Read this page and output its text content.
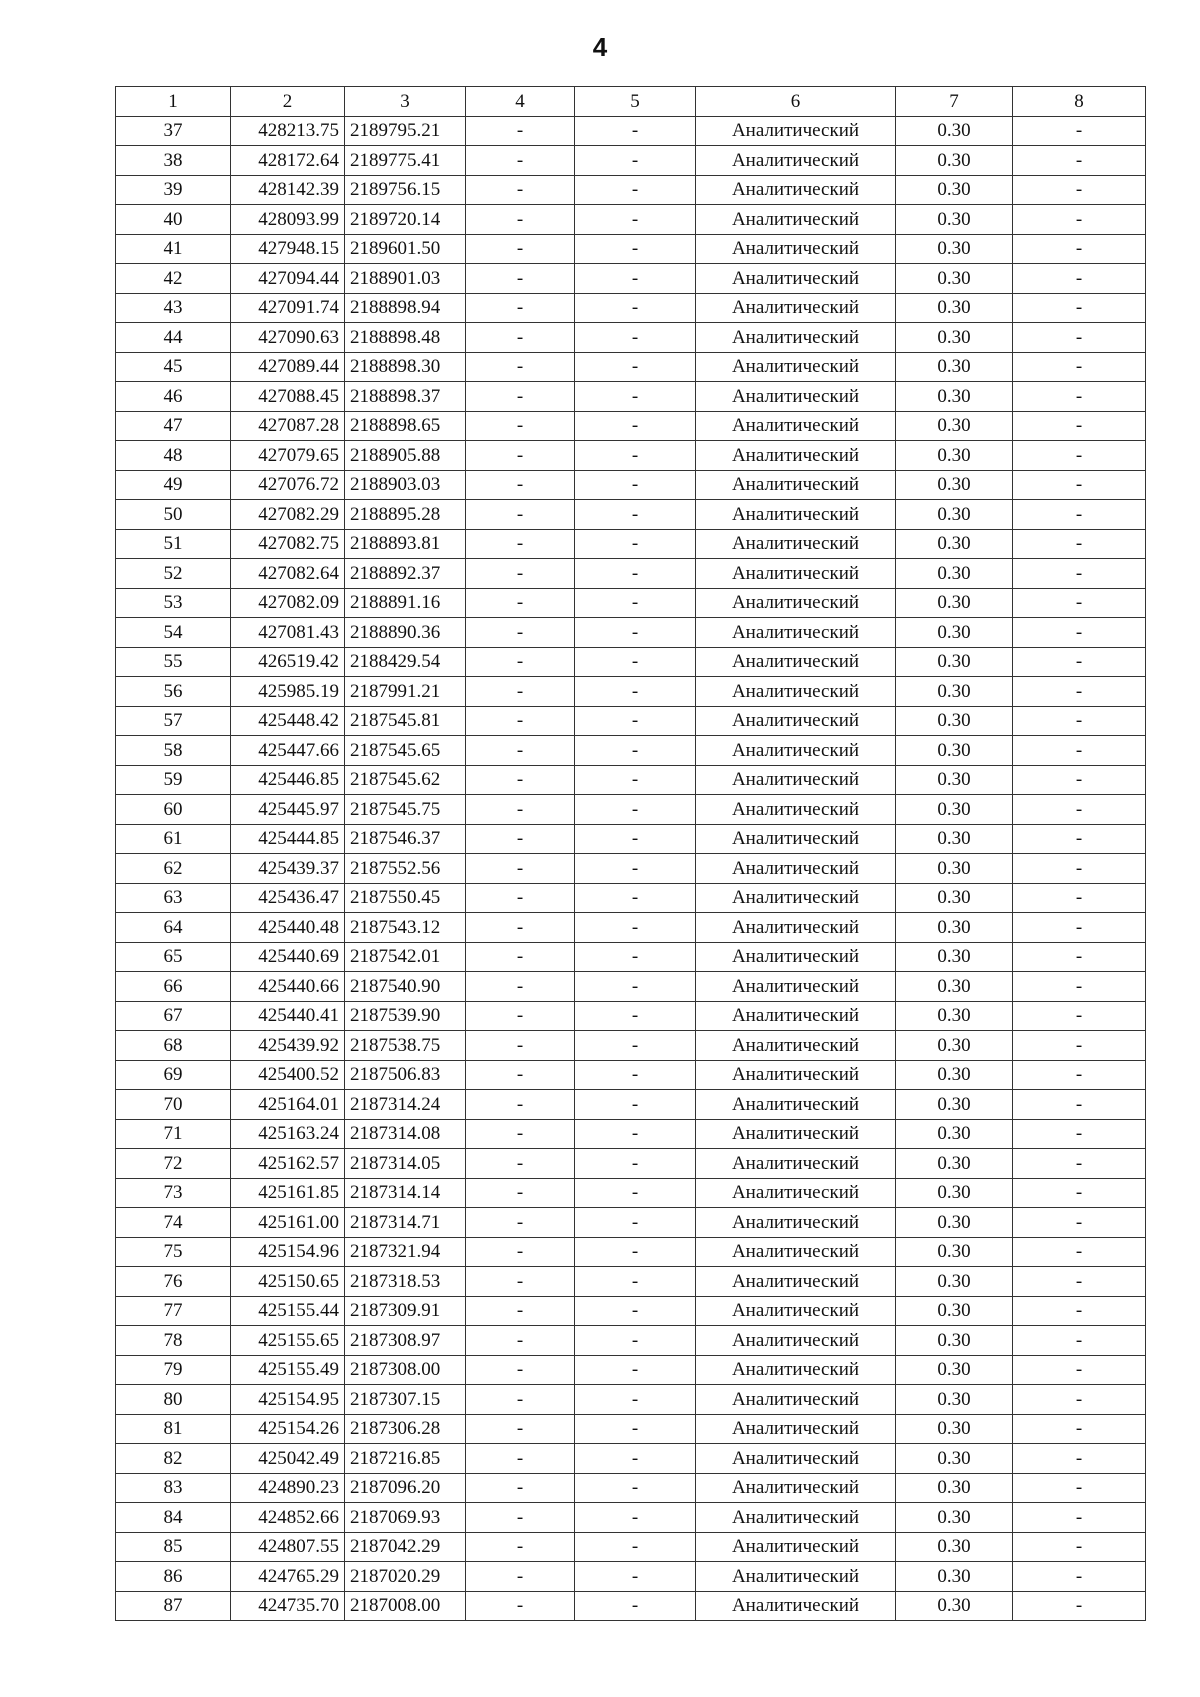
4
1	2	3	4	5	6	7	8
37	428213.75	2189795.21	-	-	Аналитический	0.30	-
38	428172.64	2189775.41	-	-	Аналитический	0.30	-
39	428142.39	2189756.15	-	-	Аналитический	0.30	-
40	428093.99	2189720.14	-	-	Аналитический	0.30	-
41	427948.15	2189601.50	-	-	Аналитический	0.30	-
42	427094.44	2188901.03	-	-	Аналитический	0.30	-
43	427091.74	2188898.94	-	-	Аналитический	0.30	-
44	427090.63	2188898.48	-	-	Аналитический	0.30	-
45	427089.44	2188898.30	-	-	Аналитический	0.30	-
46	427088.45	2188898.37	-	-	Аналитический	0.30	-
47	427087.28	2188898.65	-	-	Аналитический	0.30	-
48	427079.65	2188905.88	-	-	Аналитический	0.30	-
49	427076.72	2188903.03	-	-	Аналитический	0.30	-
50	427082.29	2188895.28	-	-	Аналитический	0.30	-
51	427082.75	2188893.81	-	-	Аналитический	0.30	-
52	427082.64	2188892.37	-	-	Аналитический	0.30	-
53	427082.09	2188891.16	-	-	Аналитический	0.30	-
54	427081.43	2188890.36	-	-	Аналитический	0.30	-
55	426519.42	2188429.54	-	-	Аналитический	0.30	-
56	425985.19	2187991.21	-	-	Аналитический	0.30	-
57	425448.42	2187545.81	-	-	Аналитический	0.30	-
58	425447.66	2187545.65	-	-	Аналитический	0.30	-
59	425446.85	2187545.62	-	-	Аналитический	0.30	-
60	425445.97	2187545.75	-	-	Аналитический	0.30	-
61	425444.85	2187546.37	-	-	Аналитический	0.30	-
62	425439.37	2187552.56	-	-	Аналитический	0.30	-
63	425436.47	2187550.45	-	-	Аналитический	0.30	-
64	425440.48	2187543.12	-	-	Аналитический	0.30	-
65	425440.69	2187542.01	-	-	Аналитический	0.30	-
66	425440.66	2187540.90	-	-	Аналитический	0.30	-
67	425440.41	2187539.90	-	-	Аналитический	0.30	-
68	425439.92	2187538.75	-	-	Аналитический	0.30	-
69	425400.52	2187506.83	-	-	Аналитический	0.30	-
70	425164.01	2187314.24	-	-	Аналитический	0.30	-
71	425163.24	2187314.08	-	-	Аналитический	0.30	-
72	425162.57	2187314.05	-	-	Аналитический	0.30	-
73	425161.85	2187314.14	-	-	Аналитический	0.30	-
74	425161.00	2187314.71	-	-	Аналитический	0.30	-
75	425154.96	2187321.94	-	-	Аналитический	0.30	-
76	425150.65	2187318.53	-	-	Аналитический	0.30	-
77	425155.44	2187309.91	-	-	Аналитический	0.30	-
78	425155.65	2187308.97	-	-	Аналитический	0.30	-
79	425155.49	2187308.00	-	-	Аналитический	0.30	-
80	425154.95	2187307.15	-	-	Аналитический	0.30	-
81	425154.26	2187306.28	-	-	Аналитический	0.30	-
82	425042.49	2187216.85	-	-	Аналитический	0.30	-
83	424890.23	2187096.20	-	-	Аналитический	0.30	-
84	424852.66	2187069.93	-	-	Аналитический	0.30	-
85	424807.55	2187042.29	-	-	Аналитический	0.30	-
86	424765.29	2187020.29	-	-	Аналитический	0.30	-
87	424735.70	2187008.00	-	-	Аналитический	0.30	-
